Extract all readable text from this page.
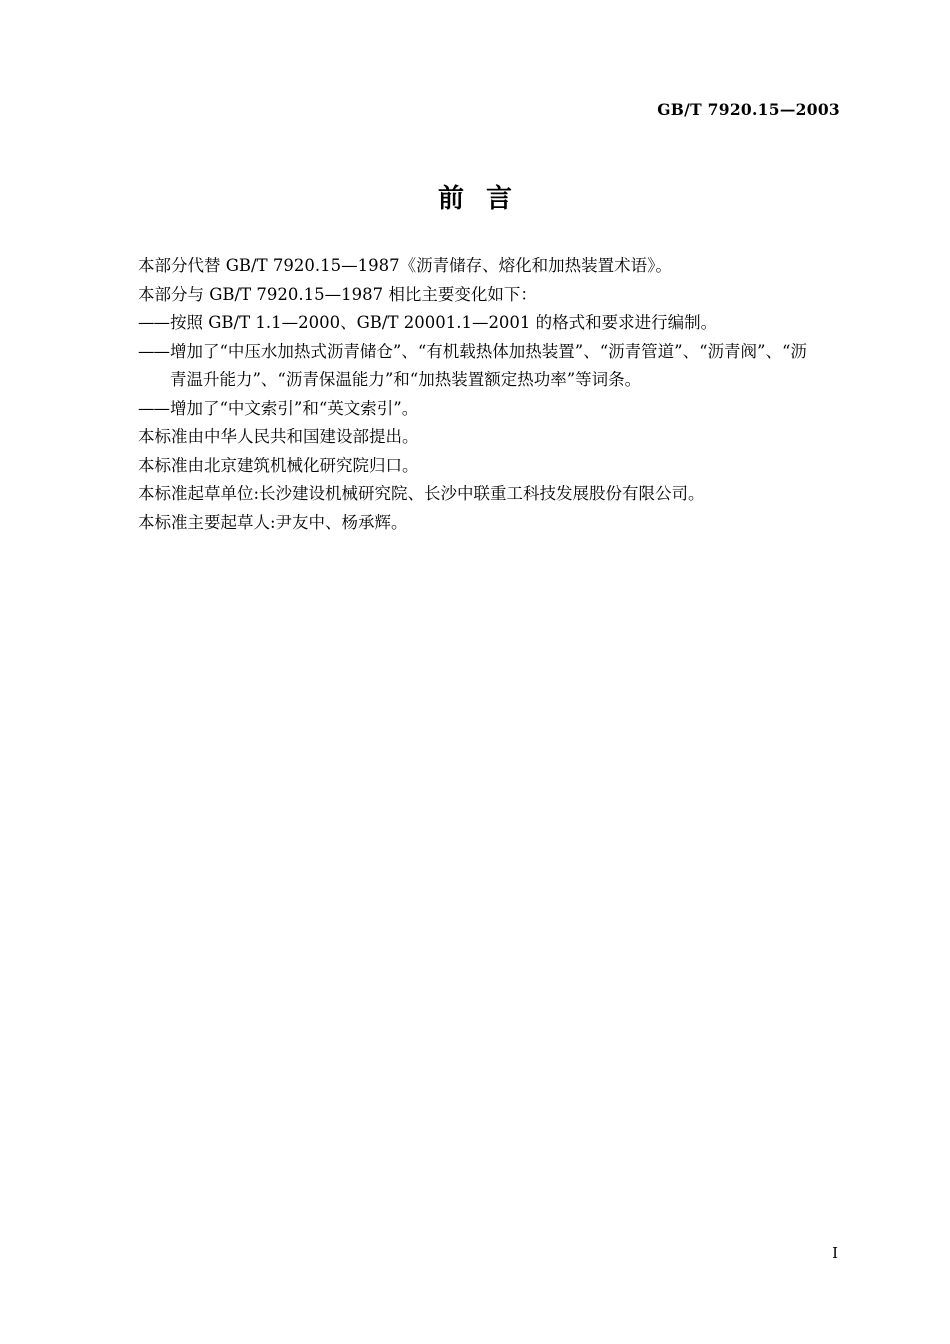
GB/T 7920.15—2003
前言

本部分代替 GB/T 7920.15—1987《沥青储存、熔化和加热装置术语》。

本部分与 GB/T 7920.15—1987 相比主要变化如下：

—— 按照 GB/T 1.1—2000、GB/T 20001.1—2001 的格式和要求进行编制。
—— 增加了“中压水加热式沥青储仓”、“有机载热体加热装置”、“沥青管道”、“沥青阀”、“沥青温升能力”、“沥青保温能力”和“加热装置额定热功率”等词条。
—— 增加了“中文索引”和“英文索引”。

本标准由中华人民共和国建设部提出。

本标准由北京建筑机械化研究院归口。

本标准起草单位:长沙建设机械研究院、长沙中联重工科技发展股份有限公司。

本标准主要起草人:尹友中、杨承辉。

I
